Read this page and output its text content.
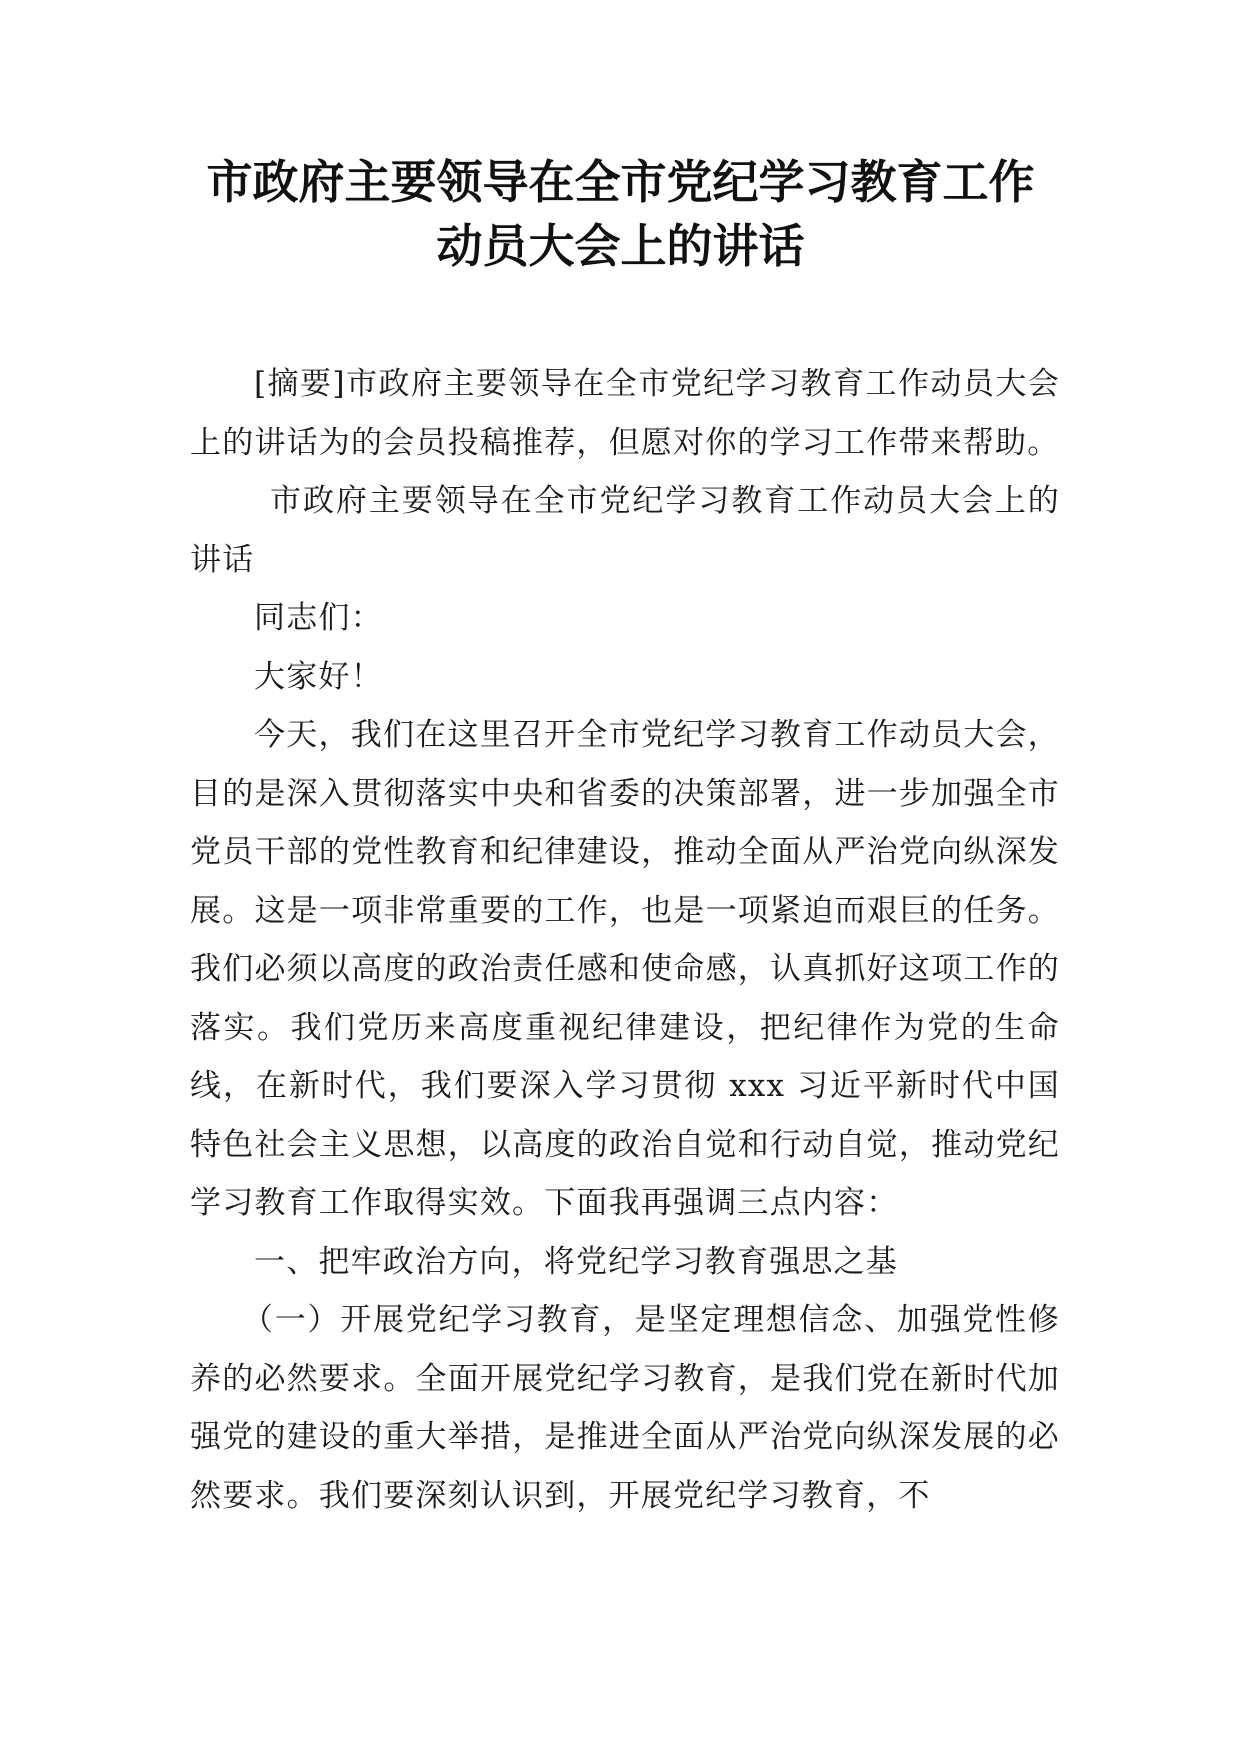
市政府主要领导在全市党纪学习教育工作
动员大会上的讲话

[摘要]市政府主要领导在全市党纪学习教育工作动员大会上的讲话为的会员投稿推荐，但愿对你的学习工作带来帮助。

市政府主要领导在全市党纪学习教育工作动员大会上的讲话

同志们：

大家好！

今天，我们在这里召开全市党纪学习教育工作动员大会，目的是深入贯彻落实中央和省委的决策部署，进一步加强全市党员干部的党性教育和纪律建设，推动全面从严治党向纵深发展。这是一项非常重要的工作，也是一项紧迫而艰巨的任务。我们必须以高度的政治责任感和使命感，认真抓好这项工作的落实。我们党历来高度重视纪律建设，把纪律作为党的生命线，在新时代，我们要深入学习贯彻 xxx 习近平新时代中国特色社会主义思想，以高度的政治自觉和行动自觉，推动党纪学习教育工作取得实效。下面我再强调三点内容：

一、把牢政治方向，将党纪学习教育强思之基

（一）开展党纪学习教育，是坚定理想信念、加强党性修养的必然要求。全面开展党纪学习教育，是我们党在新时代加强党的建设的重大举措，是推进全面从严治党向纵深发展的必然要求。我们要深刻认识到，开展党纪学习教育，不
